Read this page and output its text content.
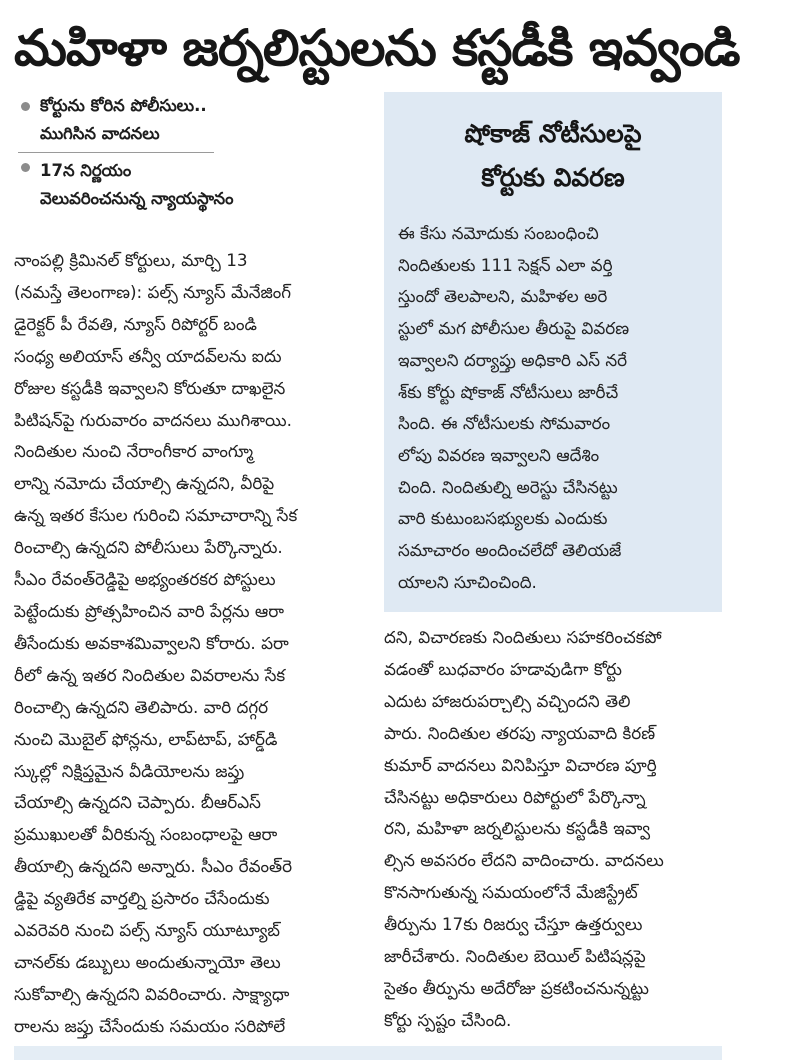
మహిళా జర్నలిస్టులను కస్టడీకి ఇవ్వండి
కోర్టును కోరిన పోలీసులు..
ముగిసిన వాదనలు
17న నిర్ణయం
వెలువరించనున్న న్యాయస్థానం
నాంపల్లి క్రిమినల్ కోర్టులు, మార్చి 13
(నమస్తే తెలంగాణ): పల్స్ న్యూస్ మేనేజింగ్
డైరెక్టర్ పీ రేవతి, న్యూస్ రిపోర్టర్ బండి
సంధ్య అలియాస్ తన్వీ యాదవ్‌లను ఐదు
రోజుల కస్టడీకి ఇవ్వాలని కోరుతూ దాఖలైన
పిటిషన్‌పై గురువారం వాదనలు ముగిశాయి.
నిందితుల నుంచి నేరాంగీకార వాంగ్మూ
లాన్ని నమోదు చేయాల్సి ఉన్నదని, వీరిపై
ఉన్న ఇతర కేసుల గురించి సమాచారాన్ని సేక
రించాల్సి ఉన్నదని పోలీసులు పేర్కొన్నారు.
సీఎం రేవంత్‌రెడ్డిపై అభ్యంతరకర పోస్టులు
పెట్టేందుకు ప్రోత్సహించిన వారి పేర్లను ఆరా
తీసేందుకు అవకాశమివ్వాలని కోరారు. పరా
రీలో ఉన్న ఇతర నిందితుల వివరాలను సేక
రించాల్సి ఉన్నదని తెలిపారు. వారి దగ్గర
నుంచి మొబైల్ ఫోన్లను, లాప్‌టాప్, హార్డ్‌డి
స్కుల్లో నిక్షిప్తమైన వీడియోలను జప్తు
చేయాల్సి ఉన్నదని చెప్పారు. బీఆర్‌ఎస్
ప్రముఖులతో వీరికున్న సంబంధాలపై ఆరా
తీయాల్సి ఉన్నదని అన్నారు. సీఎం రేవంత్‌రె
డ్డిపై వ్యతిరేక వార్తల్ని ప్రసారం చేసేందుకు
ఎవరెవరి నుంచి పల్స్ న్యూస్ యూట్యూబ్
చానల్‌కు డబ్బులు అందుతున్నాయో తెలు
సుకోవాల్సి ఉన్నదని వివరించారు. సాక్ష్యాధా
రాలను జప్తు చేసేందుకు సమయం సరిపోలే
షోకాజ్ నోటీసులపై
కోర్టుకు వివరణ
ఈ కేసు నమోదుకు సంబంధించి
నిందితులకు 111 సెక్షన్ ఎలా వర్తి
స్తుందో తెలపాలని, మహిళల అరె
స్టులో మగ పోలీసుల తీరుపై వివరణ
ఇవ్వాలని దర్యాప్తు అధికారి ఎస్ నరే
శ్‌కు కోర్టు షోకాజ్ నోటీసులు జారీచే
సింది. ఈ నోటీసులకు సోమవారం
లోపు వివరణ ఇవ్వాలని ఆదేశిం
చింది. నిందితుల్ని అరెస్టు చేసినట్టు
వారి కుటుంబసభ్యులకు ఎందుకు
సమాచారం అందించలేదో తెలియజే
యాలని సూచించింది.
దని, విచారణకు నిందితులు సహకరించకపో
వడంతో బుధవారం హడావుడిగా కోర్టు
ఎదుట హాజరుపర్చాల్సి వచ్చిందని తెలి
పారు. నిందితుల తరపు న్యాయవాది కిరణ్
కుమార్ వాదనలు వినిపిస్తూ విచారణ పూర్తి
చేసినట్టు అధికారులు రిపోర్టులో పేర్కొన్నా
రని, మహిళా జర్నలిస్టులను కస్టడీకి ఇవ్వా
ల్సిన అవసరం లేదని వాదించారు. వాదనలు
కొనసాగుతున్న సమయంలోనే మేజిస్ట్రేట్
తీర్పును 17కు రిజర్వు చేస్తూ ఉత్తర్వులు
జారీచేశారు. నిందితుల బెయిల్ పిటిషన్లపై
సైతం తీర్పును అదేరోజు ప్రకటించనున్నట్టు
కోర్టు స్పష్టం చేసింది.
